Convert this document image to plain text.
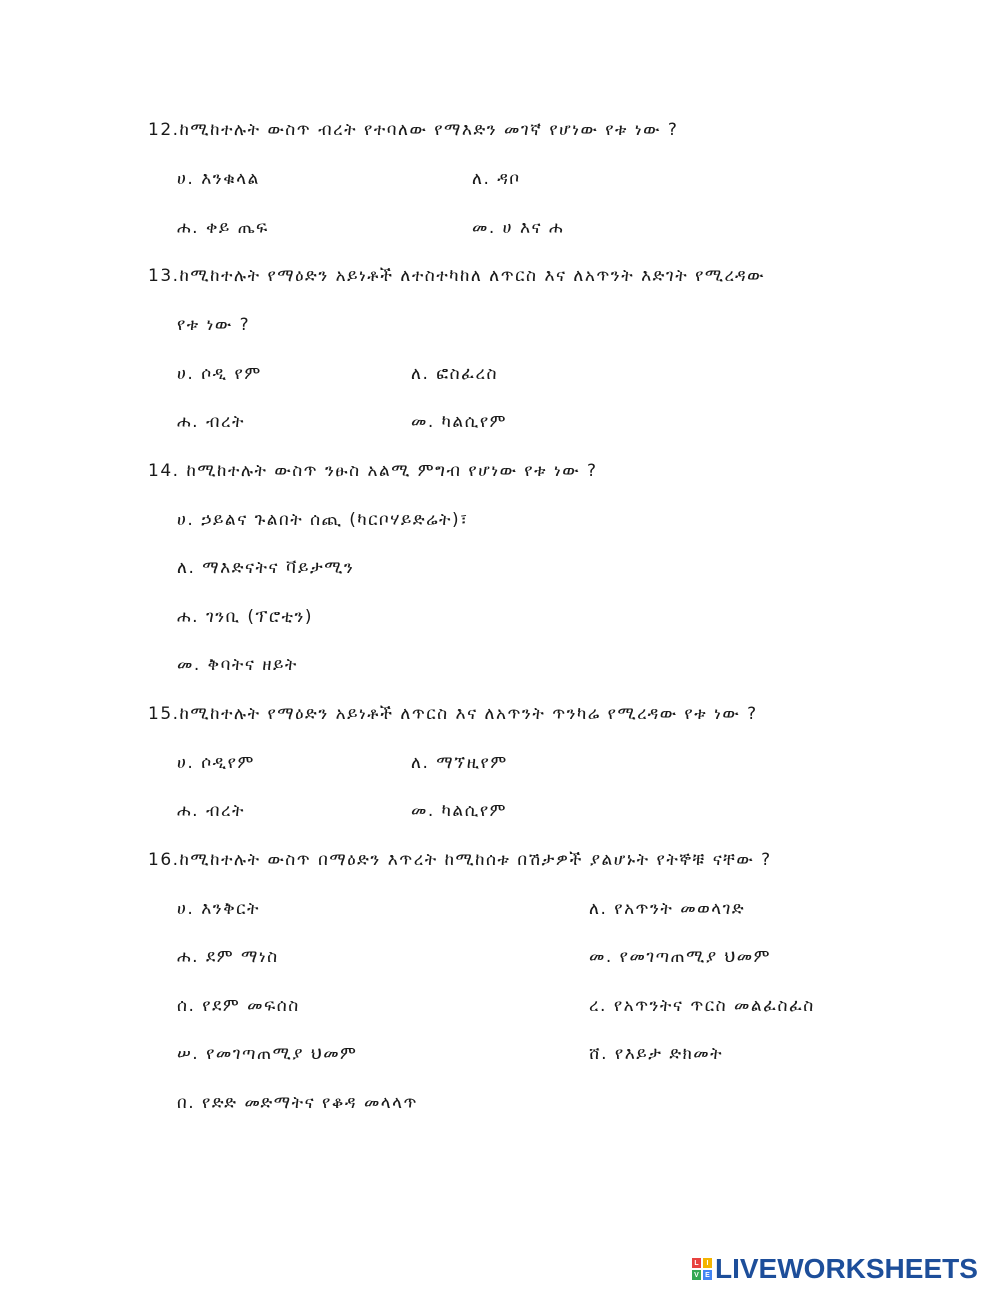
12.ከሚከተሉት ውስጥ ብረት የተባለው የማእድን መገኛ የሆነው የቱ ነው ?
ሀ. እንቁላል	ለ. ዳቦ
ሐ. ቀይ ጤፍ	መ. ሀ እና ሐ
13.ከሚከተሉት የማዕድን አይነቶች ለተስተካከለ ለጥርስ እና ለአጥንት እድገት የሚረዳው
የቱ ነው ?
ሀ. ሶዲ የም	ለ. ፎስፈረስ
ሐ. ብረት	መ. ካልሲየም
14. ከሚከተሉት ውስጥ ንፁስ አልሚ ምግብ የሆነው የቱ ነው ?
ሀ. ኃይልና ጉልበት ሰጪ (ካርቦሃይድሬት)፣
ለ. ማእድናትና ቫይታሚን
ሐ. ገንቢ (ፕሮቲን)
መ. ቅባትና ዘይት
15.ከሚከተሉት የማዕድን አይነቶች ለጥርስ እና ለአጥንት ጥንካሬ የሚረዳው የቱ ነው ?
ሀ. ሶዲየም	ለ. ማኘዚየም
ሐ. ብረት	መ. ካልሲየም
16.ከሚከተሉት ውስጥ በማዕድን እጥረት ከሚከሰቱ በሽታዎች ያልሆኑት የትኞቹ ናቸው ?
ሀ. እንቅርት	ለ. የአጥንት መወላገድ
ሐ. ደም ማነስ	መ. የመገጣጠሚያ ህመም
ሰ. የደም መፍሰስ	ረ. የአጥንትና ጥርስ መልፈስፈስ
ሠ. የመገጣጠሚያ ህመም	ሸ. የእይታ ድክመት
በ. የድድ መድማትና የቆዳ መላላጥ
L	I
V E LIVEWORKSHEETS
